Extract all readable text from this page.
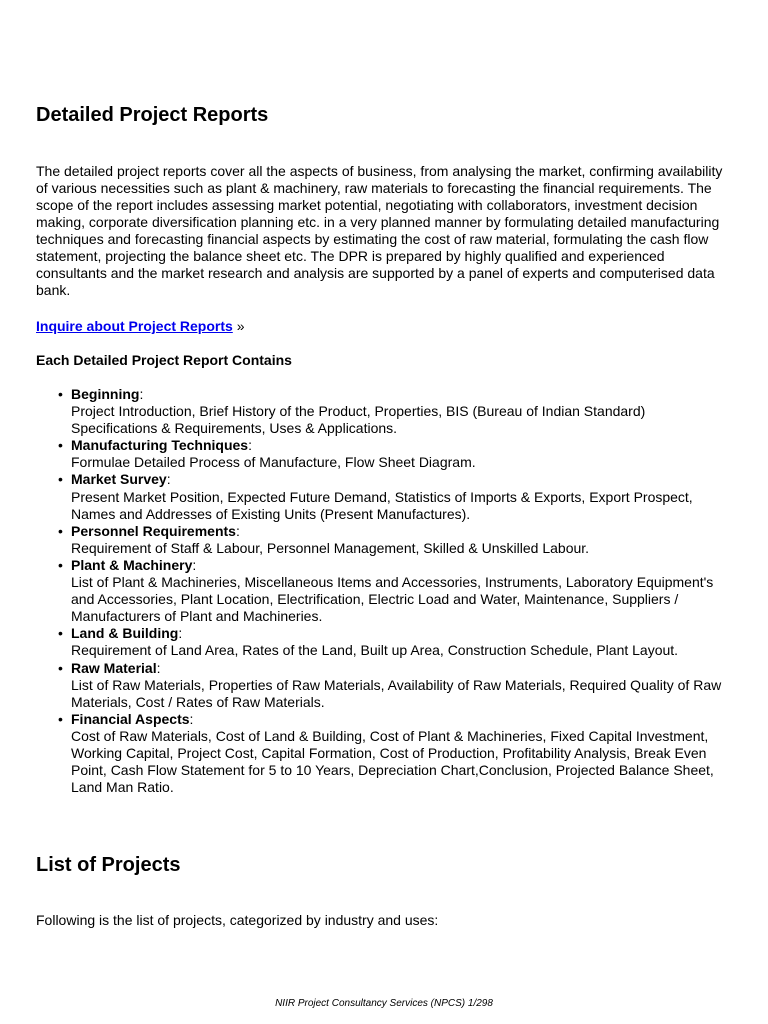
Detailed Project Reports

The detailed project reports cover all the aspects of business, from analysing the market, confirming availability of various necessities such as plant & machinery, raw materials to forecasting the financial requirements. The scope of the report includes assessing market potential, negotiating with collaborators, investment decision making, corporate diversification planning etc. in a very planned manner by formulating detailed manufacturing techniques and forecasting financial aspects by estimating the cost of raw material, formulating the cash flow statement, projecting the balance sheet etc. The DPR is prepared by highly qualified and experienced consultants and the market research and analysis are supported by a panel of experts and computerised data bank.

Inquire about Project Reports »

Each Detailed Project Report Contains

• Beginning:
Project Introduction, Brief History of the Product, Properties, BIS (Bureau of Indian Standard) Specifications & Requirements, Uses & Applications.
• Manufacturing Techniques:
Formulae Detailed Process of Manufacture, Flow Sheet Diagram.
• Market Survey:
Present Market Position, Expected Future Demand, Statistics of Imports & Exports, Export Prospect, Names and Addresses of Existing Units (Present Manufactures).
• Personnel Requirements:
Requirement of Staff & Labour, Personnel Management, Skilled & Unskilled Labour.
• Plant & Machinery:
List of Plant & Machineries, Miscellaneous Items and Accessories, Instruments, Laboratory Equipment's and Accessories, Plant Location, Electrification, Electric Load and Water, Maintenance, Suppliers / Manufacturers of Plant and Machineries.
• Land & Building:
Requirement of Land Area, Rates of the Land, Built up Area, Construction Schedule, Plant Layout.
• Raw Material:
List of Raw Materials, Properties of Raw Materials, Availability of Raw Materials, Required Quality of Raw Materials, Cost / Rates of Raw Materials.
• Financial Aspects:
Cost of Raw Materials, Cost of Land & Building, Cost of Plant & Machineries, Fixed Capital Investment, Working Capital, Project Cost, Capital Formation, Cost of Production, Profitability Analysis, Break Even Point, Cash Flow Statement for 5 to 10 Years, Depreciation Chart,Conclusion, Projected Balance Sheet, Land Man Ratio.
List of Projects

Following is the list of projects, categorized by industry and uses:

NIIR Project Consultancy Services (NPCS) 1/298
